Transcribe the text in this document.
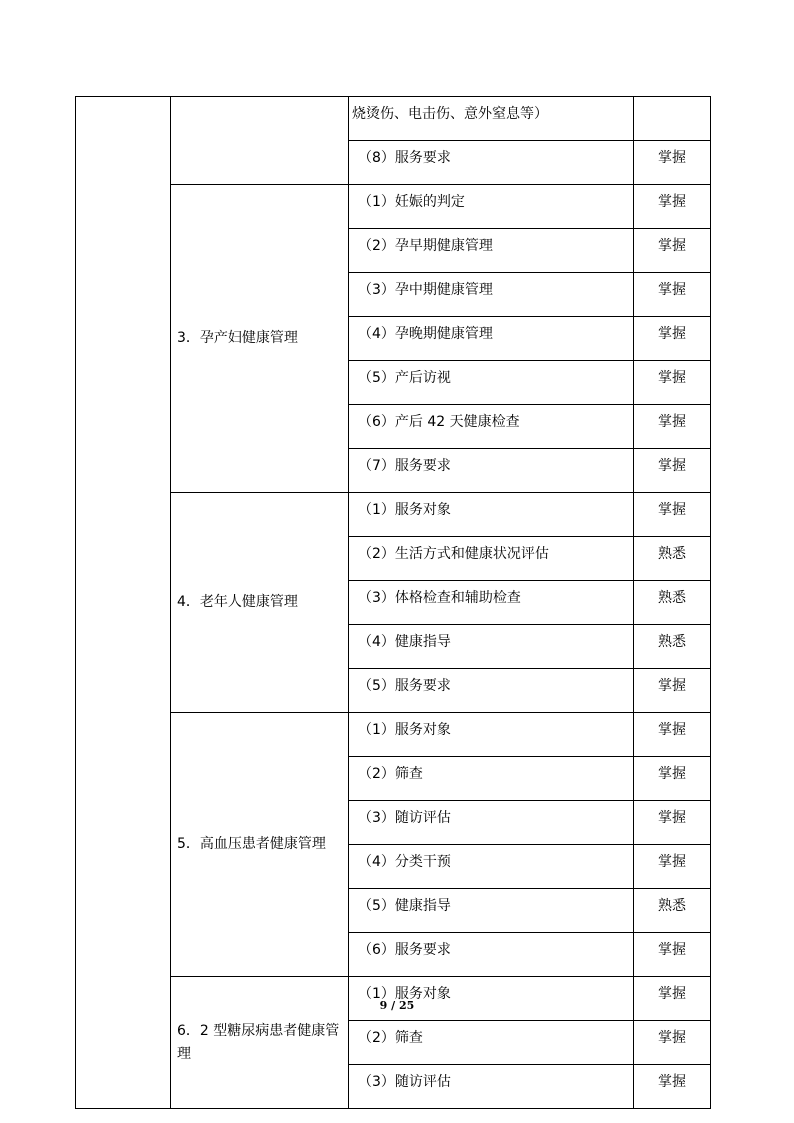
		烧烫伤、电击伤、意外窒息等）	
		（8）服务要求	掌握
	3．孕产妇健康管理	（1）妊娠的判定	掌握
		（2）孕早期健康管理	掌握
		（3）孕中期健康管理	掌握
		（4）孕晚期健康管理	掌握
		（5）产后访视	掌握
		（6）产后 42 天健康检查	掌握
		（7）服务要求	掌握
	4．老年人健康管理	（1）服务对象	掌握
		（2）生活方式和健康状况评估	熟悉
		（3）体格检查和辅助检查	熟悉
		（4）健康指导	熟悉
		（5）服务要求	掌握
	5．高血压患者健康管理	（1）服务对象	掌握
		（2）筛查	掌握
		（3）随访评估	掌握
		（4）分类干预	掌握
		（5）健康指导	熟悉
		（6）服务要求	掌握
	6．2 型糖尿病患者健康管理	（1）服务对象	掌握
		（2）筛查	掌握
		（3）随访评估	掌握
9 / 25
